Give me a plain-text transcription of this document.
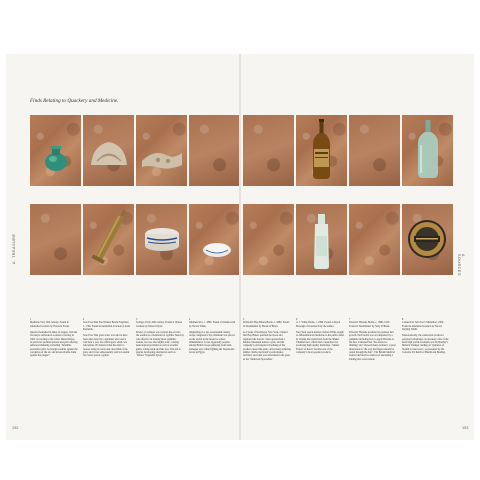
Finds Relating to Quackery and Medicine.
1
Medicine Vial, 19th century. Found in unlabelled location by Florence Evans.
Quacks flourished in times of plague, with the last major outbreak in London occurring in 1665. According to the writer Daniel Defoe, its survivors peddled potions and pills offering sufferers immunity, including “Infallible preventive pills, Sovereign cordials against the corruption of the air, and inconceivable drink against the plague”.
2
Sore Foot Pine Ford Plaster Bottle Fragment, c. 1790. Found in unlabelled location by Anna Reynolds.
Sore Foot Tine great water was said to have been discovered by a gardener who used a well near a yew tree which grew small, wet land plants. He believed that the elixir to forever using its water and cured him of his gout, and it was subsequently sold in London for twelve pence a gallon.
3
Syringe, Early 19th century. Found at Vinters Gardens by Marcel Wyatt.
Pewter or syringes was scripted the ear into the urethra as a treatment for syphilis. Mercury was effective in treating most syphilitic lesions, but was also highly toxic, causing neurological problems as well as swollen gums, rotting teeth and hair loss. This led to quacks developing alternatives such as ‘Velnos’ Vegetable Syrup’.
4
Ointment Pot, c. 1800. Found at Wandsworth by Nicola White.
Originating in a late seventeenth century recipe, Singleton’s Eye Ointment was placed on the eyelid in the model to reduce inflammation. It was apparently popular among British troops suffering from sand-damaged eyes while fighting the Napoleonic forces in Egypt.
A. TREASURE
192
5
Dr Radd’s Hop Bitters Bottle, c. 1880. Found in Westminster by Brook O’Brian.
Los Souls of Rochester, New York, claimed that Hop Bitters purified the blood and regulated the bowels. Sales approached a hundred thousand dollars a year, and the company’s extravagant advertising of the product caused the panic. After many suffering similar claims, the brand’s performance declined, and sales was advertised in the press as the ‘Malicious Specialists’.
6
A. J. White Bottle, c. 1890. Found at Royal Borough of Greenwich by the author.
New York quack Andrew Judson White sought to differentiate his medicine to the public mind by buying the registration from the Shaker Christian sect, which had a reputation for producing high quality medicines. ‘Shaker Extract of Roots’ became one of the company’s most popular products.
7
Edwards’ Harlene Bottle, c. 1890–1910. Found at Westminster by Sally O’Brien.
Edwards’ Harlene promised to promote hair growth. Each bottle was accompanied by a pamphlet including how to apply Harlene to the hair. It insisted that ‘the answer to thinning’ and ‘showed many doubters’ a great illustration in ‘the way the fingers should be rested through the hair’. The British Medical Journal declared its chances of sustaining a balding into were remote.
8
Connecticut Survivor’s Medallion, 1900. Found in unlabelled location by Nicola Ruyling Smith.
Neurotonically, the connection produced perpetual advantages on quackery. One of the most high profile examples was Dr Bradley’s Mineral Trumpet reading on ‘Quincies of Stealth to treat Gout’, as presented by the Concetto II Church of Health and Healing.
A. SOURCES
193
